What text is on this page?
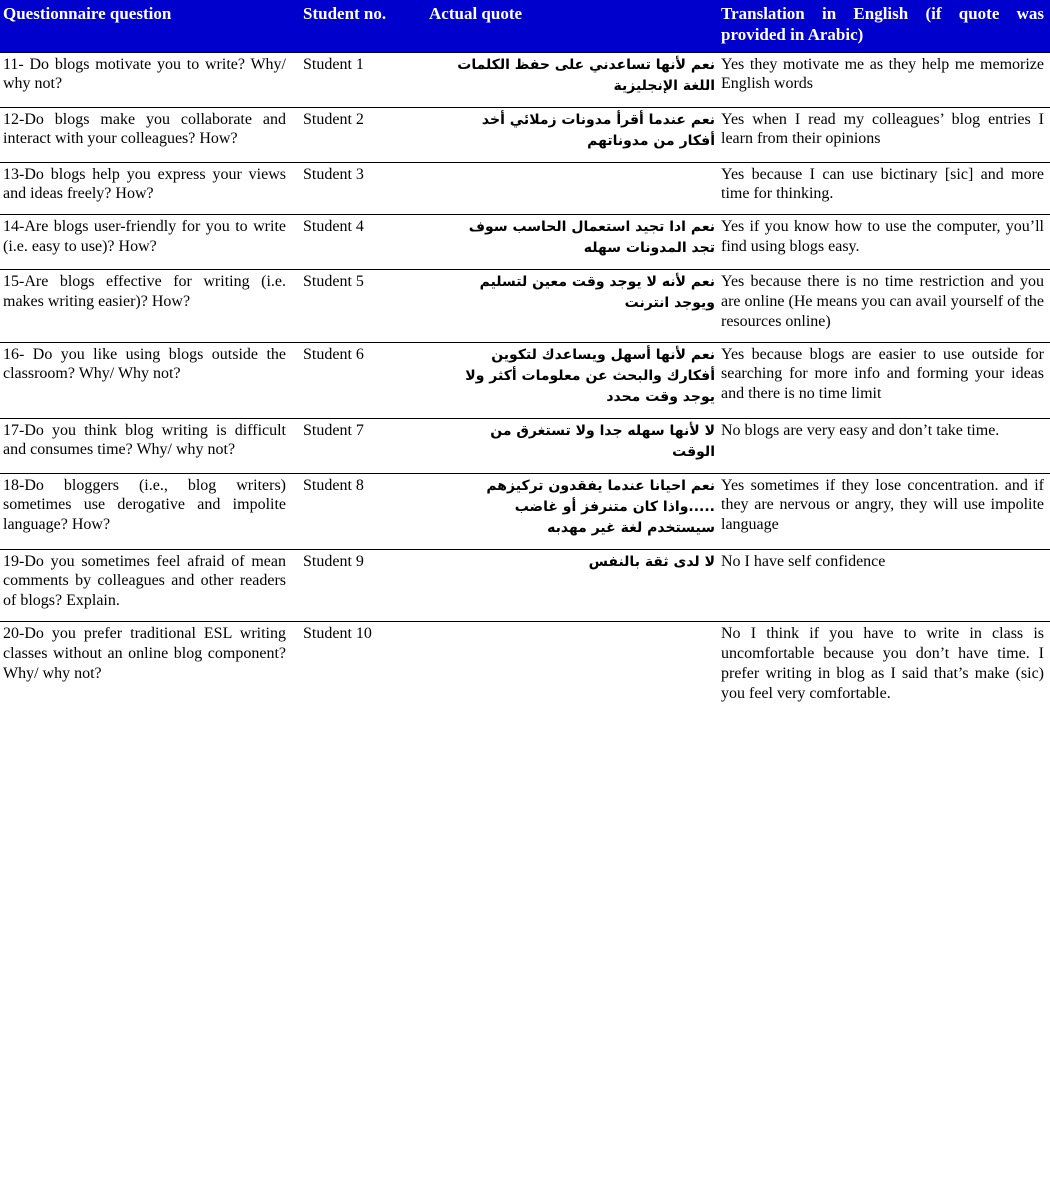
Questionnaire question	Student no.	Actual quote	Translation in English (if quote was provided in Arabic)
11- Do blogs motivate you to write? Why/ why not?	Student 1	نعم لأنها تساعدني على حفظ الكلمات اللغة الإنجليزية	Yes they motivate me as they help me memorize English words
12-Do blogs make you collaborate and interact with your colleagues? How?	Student 2	نعم عندما أقرأ مدونات زملائي أخد أفكار من مدوناتهم	Yes when I read my colleagues’ blog entries I learn from their opinions
13-Do blogs help you express your views and ideas freely? How?	Student 3		Yes because I can use bictinary [sic] and more time for thinking.
14-Are blogs user-friendly for you to write (i.e. easy to use)? How?	Student 4	نعم ادا تجيد استعمال الحاسب سوف تجد المدونات سهله	Yes if you know how to use the computer, you’ll find using blogs easy.
15-Are blogs effective for writing (i.e. makes writing easier)? How?	Student 5	نعم لأنه لا يوجد وقت معين لتسليم ويوجد انترنت	Yes because there is no time restriction and you are online (He means you can avail yourself of the resources online)
16- Do you like using blogs outside the classroom? Why/ Why not?	Student 6	نعم لأنها أسهل ويساعدك لتكوين أفكارك والبحث عن معلومات أكثر ولا يوجد وقت محدد	Yes because blogs are easier to use outside for searching for more info and forming your ideas and there is no time limit
17-Do you think blog writing is difficult and consumes time? Why/ why not?	Student 7	لا لأنها سهله جدا ولا تستغرق من الوقت	No blogs are very easy and don’t take time.
18-Do bloggers (i.e., blog writers) sometimes use derogative and impolite language? How?	Student 8	نعم احيانا عندما يفقدون تركيزهم .....واذا كان متنرفز أو غاضب سيستخدم لغة غير مهدبه	Yes sometimes if they lose concentration. and if they are nervous or angry, they will use impolite language
19-Do you sometimes feel afraid of mean comments by colleagues and other readers of blogs? Explain.	Student 9	لا لدى ثقة بالنفس	No I have self confidence
20-Do you prefer traditional ESL writing classes without an online blog component? Why/ why not?	Student 10		No I think if you have to write in class is uncomfortable because you don’t have time. I prefer writing in blog as I said that’s make (sic) you feel very comfortable.
